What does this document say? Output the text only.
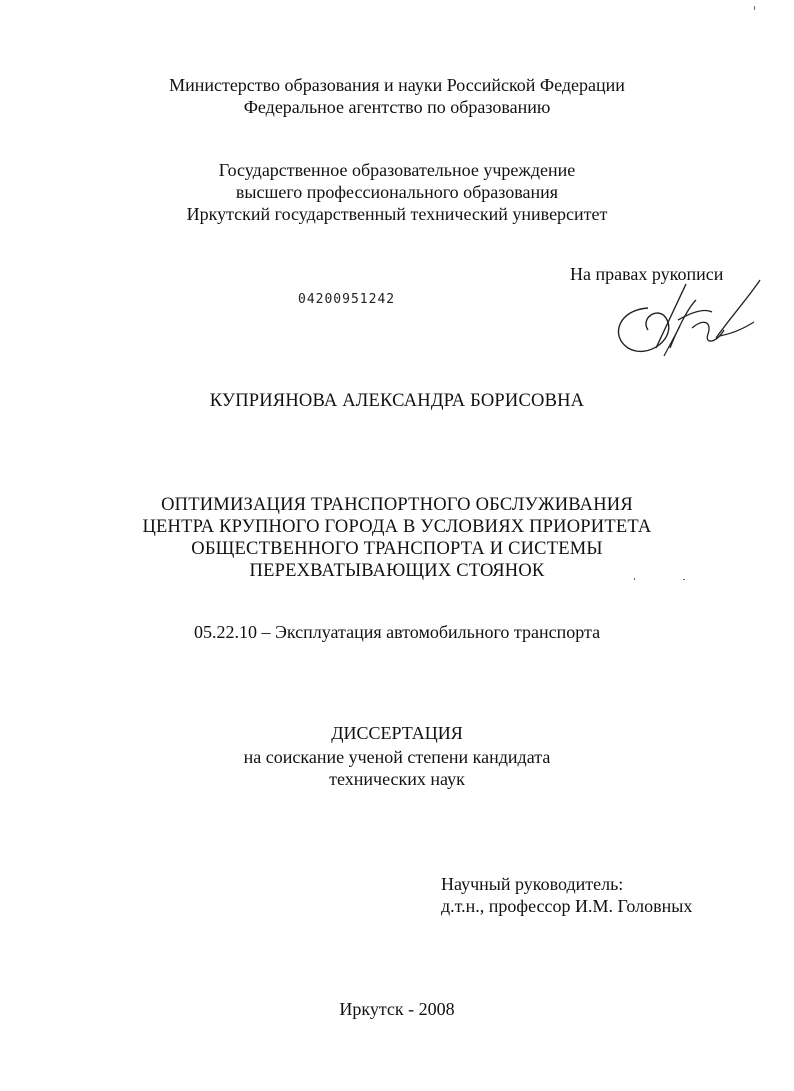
Министерство образования и науки Российской Федерации
Федеральное агентство по образованию
Государственное образовательное учреждение
высшего профессионального образования
Иркутский государственный технический университет
На правах рукописи
04200951242
КУПРИЯНОВА АЛЕКСАНДРА БОРИСОВНА
ОПТИМИЗАЦИЯ ТРАНСПОРТНОГО ОБСЛУЖИВАНИЯ
ЦЕНТРА КРУПНОГО ГОРОДА В УСЛОВИЯХ ПРИОРИТЕТА
ОБЩЕСТВЕННОГО ТРАНСПОРТА И СИСТЕМЫ
ПЕРЕХВАТЫВАЮЩИХ СТОЯНОК
05.22.10 – Эксплуатация автомобильного транспорта
ДИССЕРТАЦИЯ
на соискание ученой степени кандидата
технических наук
Научный руководитель:
д.т.н., профессор И.М. Головных
Иркутск - 2008
